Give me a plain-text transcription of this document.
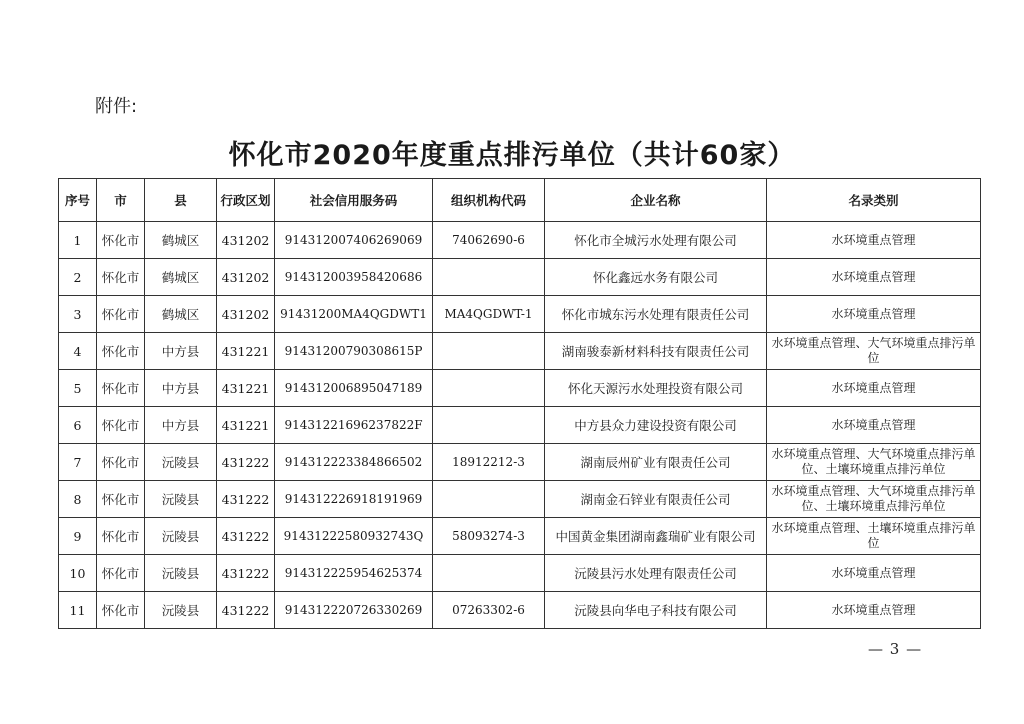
附件:
怀化市2020年度重点排污单位（共计60家）
序号	市	县	行政区划	社会信用服务码	组织机构代码	企业名称	名录类别
1	怀化市	鹤城区	431202	914312007406269069	74062690-6	怀化市全城污水处理有限公司	水环境重点管理
2	怀化市	鹤城区	431202	914312003958420686		怀化鑫远水务有限公司	水环境重点管理
3	怀化市	鹤城区	431202	91431200MA4QGDWT1	MA4QGDWT-1	怀化市城东污水处理有限责任公司	水环境重点管理
4	怀化市	中方县	431221	91431200790308615P		湖南骏泰新材料科技有限责任公司	水环境重点管理、大气环境重点排污单位
5	怀化市	中方县	431221	914312006895047189		怀化天源污水处理投资有限公司	水环境重点管理
6	怀化市	中方县	431221	91431221696237822F		中方县众力建设投资有限公司	水环境重点管理
7	怀化市	沅陵县	431222	914312223384866502	18912212-3	湖南辰州矿业有限责任公司	水环境重点管理、大气环境重点排污单位、土壤环境重点排污单位
8	怀化市	沅陵县	431222	914312226918191969		湖南金石锌业有限责任公司	水环境重点管理、大气环境重点排污单位、土壤环境重点排污单位
9	怀化市	沅陵县	431222	91431222580932743Q	58093274-3	中国黄金集团湖南鑫瑞矿业有限公司	水环境重点管理、土壤环境重点排污单位
10	怀化市	沅陵县	431222	914312225954625374		沅陵县污水处理有限责任公司	水环境重点管理
11	怀化市	沅陵县	431222	914312220726330269	07263302-6	沅陵县向华电子科技有限公司	水环境重点管理
— 3 —
